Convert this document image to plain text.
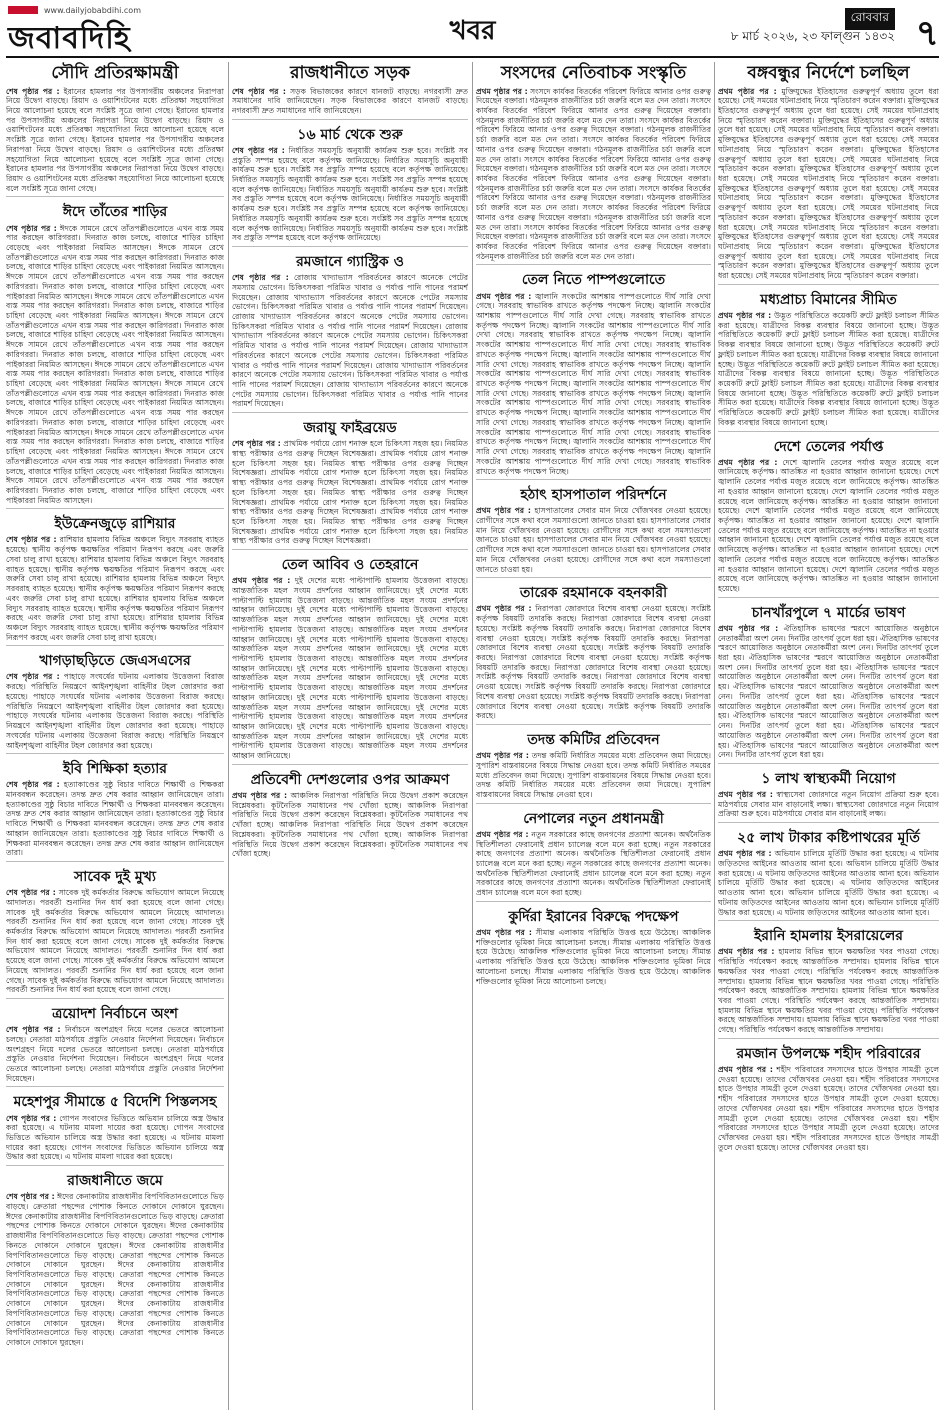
www.dailyjobabdihi.com
জবাবদিহি	খবর	রোববার
৮ মার্চ ২০২৬, ২৩ ফাল্গুন ১৪৩২ ৭
সৌদি প্রতিরক্ষামন্ত্রী
শেষ পৃষ্ঠার পর : ইরানের হামলার পর উপসাগরীয় অঞ্চলের নিরাপত্তা নিয়ে উদ্বেগ বাড়ছে। রিয়াদ ও ওয়াশিংটনের মধ্যে প্রতিরক্ষা সহযোগিতা নিয়ে আলোচনা হয়েছে বলে সংশ্লিষ্ট সূত্রে জানা গেছে। ইরানের হামলার পর উপসাগরীয় অঞ্চলের নিরাপত্তা নিয়ে উদ্বেগ বাড়ছে। রিয়াদ ও ওয়াশিংটনের মধ্যে প্রতিরক্ষা সহযোগিতা নিয়ে আলোচনা হয়েছে বলে সংশ্লিষ্ট সূত্রে জানা গেছে। ইরানের হামলার পর উপসাগরীয় অঞ্চলের নিরাপত্তা নিয়ে উদ্বেগ বাড়ছে। রিয়াদ ও ওয়াশিংটনের মধ্যে প্রতিরক্ষা সহযোগিতা নিয়ে আলোচনা হয়েছে বলে সংশ্লিষ্ট সূত্রে জানা গেছে। ইরানের হামলার পর উপসাগরীয় অঞ্চলের নিরাপত্তা নিয়ে উদ্বেগ বাড়ছে। রিয়াদ ও ওয়াশিংটনের মধ্যে প্রতিরক্ষা সহযোগিতা নিয়ে আলোচনা হয়েছে বলে সংশ্লিষ্ট সূত্রে জানা গেছে।
ঈদে তাঁতের শাড়ির
শেষ পৃষ্ঠার পর : ঈদকে সামনে রেখে তাঁতপল্লীগুলোতে এখন ব্যস্ত সময় পার করছেন কারিগররা। দিনরাত কাজ চলছে, বাজারে শাড়ির চাহিদা বেড়েছে এবং পাইকাররা নিয়মিত আসছেন। ঈদকে সামনে রেখে তাঁতপল্লীগুলোতে এখন ব্যস্ত সময় পার করছেন কারিগররা। দিনরাত কাজ চলছে, বাজারে শাড়ির চাহিদা বেড়েছে এবং পাইকাররা নিয়মিত আসছেন। ঈদকে সামনে রেখে তাঁতপল্লীগুলোতে এখন ব্যস্ত সময় পার করছেন কারিগররা। দিনরাত কাজ চলছে, বাজারে শাড়ির চাহিদা বেড়েছে এবং পাইকাররা নিয়মিত আসছেন। ঈদকে সামনে রেখে তাঁতপল্লীগুলোতে এখন ব্যস্ত সময় পার করছেন কারিগররা। দিনরাত কাজ চলছে, বাজারে শাড়ির চাহিদা বেড়েছে এবং পাইকাররা নিয়মিত আসছেন। ঈদকে সামনে রেখে তাঁতপল্লীগুলোতে এখন ব্যস্ত সময় পার করছেন কারিগররা। দিনরাত কাজ চলছে, বাজারে শাড়ির চাহিদা বেড়েছে এবং পাইকাররা নিয়মিত আসছেন। ঈদকে সামনে রেখে তাঁতপল্লীগুলোতে এখন ব্যস্ত সময় পার করছেন কারিগররা। দিনরাত কাজ চলছে, বাজারে শাড়ির চাহিদা বেড়েছে এবং পাইকাররা নিয়মিত আসছেন। ঈদকে সামনে রেখে তাঁতপল্লীগুলোতে এখন ব্যস্ত সময় পার করছেন কারিগররা। দিনরাত কাজ চলছে, বাজারে শাড়ির চাহিদা বেড়েছে এবং পাইকাররা নিয়মিত আসছেন। ঈদকে সামনে রেখে তাঁতপল্লীগুলোতে এখন ব্যস্ত সময় পার করছেন কারিগররা। দিনরাত কাজ চলছে, বাজারে শাড়ির চাহিদা বেড়েছে এবং পাইকাররা নিয়মিত আসছেন। ঈদকে সামনে রেখে তাঁতপল্লীগুলোতে এখন ব্যস্ত সময় পার করছেন কারিগররা। দিনরাত কাজ চলছে, বাজারে শাড়ির চাহিদা বেড়েছে এবং পাইকাররা নিয়মিত আসছেন। ঈদকে সামনে রেখে তাঁতপল্লীগুলোতে এখন ব্যস্ত সময় পার করছেন কারিগররা। দিনরাত কাজ চলছে, বাজারে শাড়ির চাহিদা বেড়েছে এবং পাইকাররা নিয়মিত আসছেন। ঈদকে সামনে রেখে তাঁতপল্লীগুলোতে এখন ব্যস্ত সময় পার করছেন কারিগররা। দিনরাত কাজ চলছে, বাজারে শাড়ির চাহিদা বেড়েছে এবং পাইকাররা নিয়মিত আসছেন। ঈদকে সামনে রেখে তাঁতপল্লীগুলোতে এখন ব্যস্ত সময় পার করছেন কারিগররা। দিনরাত কাজ চলছে, বাজারে শাড়ির চাহিদা বেড়েছে এবং পাইকাররা নিয়মিত আসছেন।
ইউক্রেনজুড়ে রাশিয়ার
শেষ পৃষ্ঠার পর : রাশিয়ার হামলায় বিভিন্ন অঞ্চলে বিদ্যুৎ সরবরাহ ব্যাহত হয়েছে। স্থানীয় কর্তৃপক্ষ ক্ষয়ক্ষতির পরিমাণ নিরূপণ করছে এবং জরুরি সেবা চালু রাখা হয়েছে। রাশিয়ার হামলায় বিভিন্ন অঞ্চলে বিদ্যুৎ সরবরাহ ব্যাহত হয়েছে। স্থানীয় কর্তৃপক্ষ ক্ষয়ক্ষতির পরিমাণ নিরূপণ করছে এবং জরুরি সেবা চালু রাখা হয়েছে। রাশিয়ার হামলায় বিভিন্ন অঞ্চলে বিদ্যুৎ সরবরাহ ব্যাহত হয়েছে। স্থানীয় কর্তৃপক্ষ ক্ষয়ক্ষতির পরিমাণ নিরূপণ করছে এবং জরুরি সেবা চালু রাখা হয়েছে। রাশিয়ার হামলায় বিভিন্ন অঞ্চলে বিদ্যুৎ সরবরাহ ব্যাহত হয়েছে। স্থানীয় কর্তৃপক্ষ ক্ষয়ক্ষতির পরিমাণ নিরূপণ করছে এবং জরুরি সেবা চালু রাখা হয়েছে। রাশিয়ার হামলায় বিভিন্ন অঞ্চলে বিদ্যুৎ সরবরাহ ব্যাহত হয়েছে। স্থানীয় কর্তৃপক্ষ ক্ষয়ক্ষতির পরিমাণ নিরূপণ করছে এবং জরুরি সেবা চালু রাখা হয়েছে।
খাগড়াছড়িতে জেএসএসের
শেষ পৃষ্ঠার পর : পাহাড়ে সংঘর্ষের ঘটনায় এলাকায় উত্তেজনা বিরাজ করছে। পরিস্থিতি নিয়ন্ত্রণে আইনশৃঙ্খলা বাহিনীর টহল জোরদার করা হয়েছে। পাহাড়ে সংঘর্ষের ঘটনায় এলাকায় উত্তেজনা বিরাজ করছে। পরিস্থিতি নিয়ন্ত্রণে আইনশৃঙ্খলা বাহিনীর টহল জোরদার করা হয়েছে। পাহাড়ে সংঘর্ষের ঘটনায় এলাকায় উত্তেজনা বিরাজ করছে। পরিস্থিতি নিয়ন্ত্রণে আইনশৃঙ্খলা বাহিনীর টহল জোরদার করা হয়েছে। পাহাড়ে সংঘর্ষের ঘটনায় এলাকায় উত্তেজনা বিরাজ করছে। পরিস্থিতি নিয়ন্ত্রণে আইনশৃঙ্খলা বাহিনীর টহল জোরদার করা হয়েছে।
ইবি শিক্ষিকা হত্যার
শেষ পৃষ্ঠার পর : হত্যাকাণ্ডের সুষ্ঠু বিচার দাবিতে শিক্ষার্থী ও শিক্ষকরা মানববন্ধন করেছেন। তদন্ত দ্রুত শেষ করার আহ্বান জানিয়েছেন তারা। হত্যাকাণ্ডের সুষ্ঠু বিচার দাবিতে শিক্ষার্থী ও শিক্ষকরা মানববন্ধন করেছেন। তদন্ত দ্রুত শেষ করার আহ্বান জানিয়েছেন তারা। হত্যাকাণ্ডের সুষ্ঠু বিচার দাবিতে শিক্ষার্থী ও শিক্ষকরা মানববন্ধন করেছেন। তদন্ত দ্রুত শেষ করার আহ্বান জানিয়েছেন তারা। হত্যাকাণ্ডের সুষ্ঠু বিচার দাবিতে শিক্ষার্থী ও শিক্ষকরা মানববন্ধন করেছেন। তদন্ত দ্রুত শেষ করার আহ্বান জানিয়েছেন তারা।
সাবেক দুই মুখ্য
শেষ পৃষ্ঠার পর : সাবেক দুই কর্মকর্তার বিরুদ্ধে অভিযোগ আমলে নিয়েছে আদালত। পরবর্তী শুনানির দিন ধার্য করা হয়েছে বলে জানা গেছে। সাবেক দুই কর্মকর্তার বিরুদ্ধে অভিযোগ আমলে নিয়েছে আদালত। পরবর্তী শুনানির দিন ধার্য করা হয়েছে বলে জানা গেছে। সাবেক দুই কর্মকর্তার বিরুদ্ধে অভিযোগ আমলে নিয়েছে আদালত। পরবর্তী শুনানির দিন ধার্য করা হয়েছে বলে জানা গেছে। সাবেক দুই কর্মকর্তার বিরুদ্ধে অভিযোগ আমলে নিয়েছে আদালত। পরবর্তী শুনানির দিন ধার্য করা হয়েছে বলে জানা গেছে। সাবেক দুই কর্মকর্তার বিরুদ্ধে অভিযোগ আমলে নিয়েছে আদালত। পরবর্তী শুনানির দিন ধার্য করা হয়েছে বলে জানা গেছে। সাবেক দুই কর্মকর্তার বিরুদ্ধে অভিযোগ আমলে নিয়েছে আদালত। পরবর্তী শুনানির দিন ধার্য করা হয়েছে বলে জানা গেছে।
ত্রয়োদশ নির্বাচনে অংশ
শেষ পৃষ্ঠার পর : নির্বাচনে অংশগ্রহণ নিয়ে দলের ভেতরে আলোচনা চলছে। নেতারা মাঠপর্যায়ে প্রস্তুতি নেওয়ার নির্দেশনা দিয়েছেন। নির্বাচনে অংশগ্রহণ নিয়ে দলের ভেতরে আলোচনা চলছে। নেতারা মাঠপর্যায়ে প্রস্তুতি নেওয়ার নির্দেশনা দিয়েছেন। নির্বাচনে অংশগ্রহণ নিয়ে দলের ভেতরে আলোচনা চলছে। নেতারা মাঠপর্যায়ে প্রস্তুতি নেওয়ার নির্দেশনা দিয়েছেন।
মহেশপুর সীমান্তে ৫ বিদেশি পিস্তলসহ
শেষ পৃষ্ঠার পর : গোপন সংবাদের ভিত্তিতে অভিযান চালিয়ে অস্ত্র উদ্ধার করা হয়েছে। এ ঘটনায় মামলা দায়ের করা হয়েছে। গোপন সংবাদের ভিত্তিতে অভিযান চালিয়ে অস্ত্র উদ্ধার করা হয়েছে। এ ঘটনায় মামলা দায়ের করা হয়েছে। গোপন সংবাদের ভিত্তিতে অভিযান চালিয়ে অস্ত্র উদ্ধার করা হয়েছে। এ ঘটনায় মামলা দায়ের করা হয়েছে।
রাজধানীতে জমে
শেষ পৃষ্ঠার পর : ঈদের কেনাকাটায় রাজধানীর বিপণিবিতানগুলোতে ভিড় বাড়ছে। ক্রেতারা পছন্দের পোশাক কিনতে দোকানে দোকানে ঘুরছেন। ঈদের কেনাকাটায় রাজধানীর বিপণিবিতানগুলোতে ভিড় বাড়ছে। ক্রেতারা পছন্দের পোশাক কিনতে দোকানে দোকানে ঘুরছেন। ঈদের কেনাকাটায় রাজধানীর বিপণিবিতানগুলোতে ভিড় বাড়ছে। ক্রেতারা পছন্দের পোশাক কিনতে দোকানে দোকানে ঘুরছেন। ঈদের কেনাকাটায় রাজধানীর বিপণিবিতানগুলোতে ভিড় বাড়ছে। ক্রেতারা পছন্দের পোশাক কিনতে দোকানে দোকানে ঘুরছেন। ঈদের কেনাকাটায় রাজধানীর বিপণিবিতানগুলোতে ভিড় বাড়ছে। ক্রেতারা পছন্দের পোশাক কিনতে দোকানে দোকানে ঘুরছেন। ঈদের কেনাকাটায় রাজধানীর বিপণিবিতানগুলোতে ভিড় বাড়ছে। ক্রেতারা পছন্দের পোশাক কিনতে দোকানে দোকানে ঘুরছেন। ঈদের কেনাকাটায় রাজধানীর বিপণিবিতানগুলোতে ভিড় বাড়ছে। ক্রেতারা পছন্দের পোশাক কিনতে দোকানে দোকানে ঘুরছেন। ঈদের কেনাকাটায় রাজধানীর বিপণিবিতানগুলোতে ভিড় বাড়ছে। ক্রেতারা পছন্দের পোশাক কিনতে দোকানে দোকানে ঘুরছেন।
রাজধানীতে সড়ক
শেষ পৃষ্ঠার পর : সড়ক বিভাজকের কারণে যানজট বাড়ছে। নগরবাসী দ্রুত সমাধানের দাবি জানিয়েছেন। সড়ক বিভাজকের কারণে যানজট বাড়ছে। নগরবাসী দ্রুত সমাধানের দাবি জানিয়েছেন।
১৬ মার্চ থেকে শুরু
শেষ পৃষ্ঠার পর : নির্ধারিত সময়সূচি অনুযায়ী কার্যক্রম শুরু হবে। সংশ্লিষ্ট সব প্রস্তুতি সম্পন্ন হয়েছে বলে কর্তৃপক্ষ জানিয়েছে। নির্ধারিত সময়সূচি অনুযায়ী কার্যক্রম শুরু হবে। সংশ্লিষ্ট সব প্রস্তুতি সম্পন্ন হয়েছে বলে কর্তৃপক্ষ জানিয়েছে। নির্ধারিত সময়সূচি অনুযায়ী কার্যক্রম শুরু হবে। সংশ্লিষ্ট সব প্রস্তুতি সম্পন্ন হয়েছে বলে কর্তৃপক্ষ জানিয়েছে। নির্ধারিত সময়সূচি অনুযায়ী কার্যক্রম শুরু হবে। সংশ্লিষ্ট সব প্রস্তুতি সম্পন্ন হয়েছে বলে কর্তৃপক্ষ জানিয়েছে। নির্ধারিত সময়সূচি অনুযায়ী কার্যক্রম শুরু হবে। সংশ্লিষ্ট সব প্রস্তুতি সম্পন্ন হয়েছে বলে কর্তৃপক্ষ জানিয়েছে। নির্ধারিত সময়সূচি অনুযায়ী কার্যক্রম শুরু হবে। সংশ্লিষ্ট সব প্রস্তুতি সম্পন্ন হয়েছে বলে কর্তৃপক্ষ জানিয়েছে। নির্ধারিত সময়সূচি অনুযায়ী কার্যক্রম শুরু হবে। সংশ্লিষ্ট সব প্রস্তুতি সম্পন্ন হয়েছে বলে কর্তৃপক্ষ জানিয়েছে।
রমজানে গ্যাস্ট্রিক ও
শেষ পৃষ্ঠার পর : রোজায় খাদ্যাভ্যাস পরিবর্তনের কারণে অনেকে পেটের সমস্যায় ভোগেন। চিকিৎসকরা পরিমিত খাবার ও পর্যাপ্ত পানি পানের পরামর্শ দিয়েছেন। রোজায় খাদ্যাভ্যাস পরিবর্তনের কারণে অনেকে পেটের সমস্যায় ভোগেন। চিকিৎসকরা পরিমিত খাবার ও পর্যাপ্ত পানি পানের পরামর্শ দিয়েছেন। রোজায় খাদ্যাভ্যাস পরিবর্তনের কারণে অনেকে পেটের সমস্যায় ভোগেন। চিকিৎসকরা পরিমিত খাবার ও পর্যাপ্ত পানি পানের পরামর্শ দিয়েছেন। রোজায় খাদ্যাভ্যাস পরিবর্তনের কারণে অনেকে পেটের সমস্যায় ভোগেন। চিকিৎসকরা পরিমিত খাবার ও পর্যাপ্ত পানি পানের পরামর্শ দিয়েছেন। রোজায় খাদ্যাভ্যাস পরিবর্তনের কারণে অনেকে পেটের সমস্যায় ভোগেন। চিকিৎসকরা পরিমিত খাবার ও পর্যাপ্ত পানি পানের পরামর্শ দিয়েছেন। রোজায় খাদ্যাভ্যাস পরিবর্তনের কারণে অনেকে পেটের সমস্যায় ভোগেন। চিকিৎসকরা পরিমিত খাবার ও পর্যাপ্ত পানি পানের পরামর্শ দিয়েছেন। রোজায় খাদ্যাভ্যাস পরিবর্তনের কারণে অনেকে পেটের সমস্যায় ভোগেন। চিকিৎসকরা পরিমিত খাবার ও পর্যাপ্ত পানি পানের পরামর্শ দিয়েছেন।
জরায়ু ফাইব্রয়েড
শেষ পৃষ্ঠার পর : প্রাথমিক পর্যায়ে রোগ শনাক্ত হলে চিকিৎসা সহজ হয়। নিয়মিত স্বাস্থ্য পরীক্ষার ওপর গুরুত্ব দিচ্ছেন বিশেষজ্ঞরা। প্রাথমিক পর্যায়ে রোগ শনাক্ত হলে চিকিৎসা সহজ হয়। নিয়মিত স্বাস্থ্য পরীক্ষার ওপর গুরুত্ব দিচ্ছেন বিশেষজ্ঞরা। প্রাথমিক পর্যায়ে রোগ শনাক্ত হলে চিকিৎসা সহজ হয়। নিয়মিত স্বাস্থ্য পরীক্ষার ওপর গুরুত্ব দিচ্ছেন বিশেষজ্ঞরা। প্রাথমিক পর্যায়ে রোগ শনাক্ত হলে চিকিৎসা সহজ হয়। নিয়মিত স্বাস্থ্য পরীক্ষার ওপর গুরুত্ব দিচ্ছেন বিশেষজ্ঞরা। প্রাথমিক পর্যায়ে রোগ শনাক্ত হলে চিকিৎসা সহজ হয়। নিয়মিত স্বাস্থ্য পরীক্ষার ওপর গুরুত্ব দিচ্ছেন বিশেষজ্ঞরা। প্রাথমিক পর্যায়ে রোগ শনাক্ত হলে চিকিৎসা সহজ হয়। নিয়মিত স্বাস্থ্য পরীক্ষার ওপর গুরুত্ব দিচ্ছেন বিশেষজ্ঞরা। প্রাথমিক পর্যায়ে রোগ শনাক্ত হলে চিকিৎসা সহজ হয়। নিয়মিত স্বাস্থ্য পরীক্ষার ওপর গুরুত্ব দিচ্ছেন বিশেষজ্ঞরা।
তেল আবিব ও তেহরানে
প্রথম পৃষ্ঠার পর : দুই দেশের মধ্যে পাল্টাপাল্টি হামলায় উত্তেজনা বাড়ছে। আন্তর্জাতিক মহল সংযম প্রদর্শনের আহ্বান জানিয়েছে। দুই দেশের মধ্যে পাল্টাপাল্টি হামলায় উত্তেজনা বাড়ছে। আন্তর্জাতিক মহল সংযম প্রদর্শনের আহ্বান জানিয়েছে। দুই দেশের মধ্যে পাল্টাপাল্টি হামলায় উত্তেজনা বাড়ছে। আন্তর্জাতিক মহল সংযম প্রদর্শনের আহ্বান জানিয়েছে। দুই দেশের মধ্যে পাল্টাপাল্টি হামলায় উত্তেজনা বাড়ছে। আন্তর্জাতিক মহল সংযম প্রদর্শনের আহ্বান জানিয়েছে। দুই দেশের মধ্যে পাল্টাপাল্টি হামলায় উত্তেজনা বাড়ছে। আন্তর্জাতিক মহল সংযম প্রদর্শনের আহ্বান জানিয়েছে। দুই দেশের মধ্যে পাল্টাপাল্টি হামলায় উত্তেজনা বাড়ছে। আন্তর্জাতিক মহল সংযম প্রদর্শনের আহ্বান জানিয়েছে। দুই দেশের মধ্যে পাল্টাপাল্টি হামলায় উত্তেজনা বাড়ছে। আন্তর্জাতিক মহল সংযম প্রদর্শনের আহ্বান জানিয়েছে। দুই দেশের মধ্যে পাল্টাপাল্টি হামলায় উত্তেজনা বাড়ছে। আন্তর্জাতিক মহল সংযম প্রদর্শনের আহ্বান জানিয়েছে। দুই দেশের মধ্যে পাল্টাপাল্টি হামলায় উত্তেজনা বাড়ছে। আন্তর্জাতিক মহল সংযম প্রদর্শনের আহ্বান জানিয়েছে। দুই দেশের মধ্যে পাল্টাপাল্টি হামলায় উত্তেজনা বাড়ছে। আন্তর্জাতিক মহল সংযম প্রদর্শনের আহ্বান জানিয়েছে। দুই দেশের মধ্যে পাল্টাপাল্টি হামলায় উত্তেজনা বাড়ছে। আন্তর্জাতিক মহল সংযম প্রদর্শনের আহ্বান জানিয়েছে। দুই দেশের মধ্যে পাল্টাপাল্টি হামলায় উত্তেজনা বাড়ছে। আন্তর্জাতিক মহল সংযম প্রদর্শনের আহ্বান জানিয়েছে।
প্রতিবেশী দেশগুলোর ওপর আক্রমণ
প্রথম পৃষ্ঠার পর : আঞ্চলিক নিরাপত্তা পরিস্থিতি নিয়ে উদ্বেগ প্রকাশ করেছেন বিশ্লেষকরা। কূটনৈতিক সমাধানের পথ খোঁজা হচ্ছে। আঞ্চলিক নিরাপত্তা পরিস্থিতি নিয়ে উদ্বেগ প্রকাশ করেছেন বিশ্লেষকরা। কূটনৈতিক সমাধানের পথ খোঁজা হচ্ছে। আঞ্চলিক নিরাপত্তা পরিস্থিতি নিয়ে উদ্বেগ প্রকাশ করেছেন বিশ্লেষকরা। কূটনৈতিক সমাধানের পথ খোঁজা হচ্ছে। আঞ্চলিক নিরাপত্তা পরিস্থিতি নিয়ে উদ্বেগ প্রকাশ করেছেন বিশ্লেষকরা। কূটনৈতিক সমাধানের পথ খোঁজা হচ্ছে।
সংসদের নেতিবাচক সংস্কৃতি
প্রথম পৃষ্ঠার পর : সংসদে কার্যকর বিতর্কের পরিবেশ ফিরিয়ে আনার ওপর গুরুত্ব দিয়েছেন বক্তারা। গঠনমূলক রাজনীতির চর্চা জরুরি বলে মত দেন তারা। সংসদে কার্যকর বিতর্কের পরিবেশ ফিরিয়ে আনার ওপর গুরুত্ব দিয়েছেন বক্তারা। গঠনমূলক রাজনীতির চর্চা জরুরি বলে মত দেন তারা। সংসদে কার্যকর বিতর্কের পরিবেশ ফিরিয়ে আনার ওপর গুরুত্ব দিয়েছেন বক্তারা। গঠনমূলক রাজনীতির চর্চা জরুরি বলে মত দেন তারা। সংসদে কার্যকর বিতর্কের পরিবেশ ফিরিয়ে আনার ওপর গুরুত্ব দিয়েছেন বক্তারা। গঠনমূলক রাজনীতির চর্চা জরুরি বলে মত দেন তারা। সংসদে কার্যকর বিতর্কের পরিবেশ ফিরিয়ে আনার ওপর গুরুত্ব দিয়েছেন বক্তারা। গঠনমূলক রাজনীতির চর্চা জরুরি বলে মত দেন তারা। সংসদে কার্যকর বিতর্কের পরিবেশ ফিরিয়ে আনার ওপর গুরুত্ব দিয়েছেন বক্তারা। গঠনমূলক রাজনীতির চর্চা জরুরি বলে মত দেন তারা। সংসদে কার্যকর বিতর্কের পরিবেশ ফিরিয়ে আনার ওপর গুরুত্ব দিয়েছেন বক্তারা। গঠনমূলক রাজনীতির চর্চা জরুরি বলে মত দেন তারা। সংসদে কার্যকর বিতর্কের পরিবেশ ফিরিয়ে আনার ওপর গুরুত্ব দিয়েছেন বক্তারা। গঠনমূলক রাজনীতির চর্চা জরুরি বলে মত দেন তারা। সংসদে কার্যকর বিতর্কের পরিবেশ ফিরিয়ে আনার ওপর গুরুত্ব দিয়েছেন বক্তারা। গঠনমূলক রাজনীতির চর্চা জরুরি বলে মত দেন তারা। সংসদে কার্যকর বিতর্কের পরিবেশ ফিরিয়ে আনার ওপর গুরুত্ব দিয়েছেন বক্তারা। গঠনমূলক রাজনীতির চর্চা জরুরি বলে মত দেন তারা।
তেল নিতে পাম্পগুলোতে
প্রথম পৃষ্ঠার পর : জ্বালানি সংকটের আশঙ্কায় পাম্পগুলোতে দীর্ঘ সারি দেখা গেছে। সরবরাহ স্বাভাবিক রাখতে কর্তৃপক্ষ পদক্ষেপ নিচ্ছে। জ্বালানি সংকটের আশঙ্কায় পাম্পগুলোতে দীর্ঘ সারি দেখা গেছে। সরবরাহ স্বাভাবিক রাখতে কর্তৃপক্ষ পদক্ষেপ নিচ্ছে। জ্বালানি সংকটের আশঙ্কায় পাম্পগুলোতে দীর্ঘ সারি দেখা গেছে। সরবরাহ স্বাভাবিক রাখতে কর্তৃপক্ষ পদক্ষেপ নিচ্ছে। জ্বালানি সংকটের আশঙ্কায় পাম্পগুলোতে দীর্ঘ সারি দেখা গেছে। সরবরাহ স্বাভাবিক রাখতে কর্তৃপক্ষ পদক্ষেপ নিচ্ছে। জ্বালানি সংকটের আশঙ্কায় পাম্পগুলোতে দীর্ঘ সারি দেখা গেছে। সরবরাহ স্বাভাবিক রাখতে কর্তৃপক্ষ পদক্ষেপ নিচ্ছে। জ্বালানি সংকটের আশঙ্কায় পাম্পগুলোতে দীর্ঘ সারি দেখা গেছে। সরবরাহ স্বাভাবিক রাখতে কর্তৃপক্ষ পদক্ষেপ নিচ্ছে। জ্বালানি সংকটের আশঙ্কায় পাম্পগুলোতে দীর্ঘ সারি দেখা গেছে। সরবরাহ স্বাভাবিক রাখতে কর্তৃপক্ষ পদক্ষেপ নিচ্ছে। জ্বালানি সংকটের আশঙ্কায় পাম্পগুলোতে দীর্ঘ সারি দেখা গেছে। সরবরাহ স্বাভাবিক রাখতে কর্তৃপক্ষ পদক্ষেপ নিচ্ছে। জ্বালানি সংকটের আশঙ্কায় পাম্পগুলোতে দীর্ঘ সারি দেখা গেছে। সরবরাহ স্বাভাবিক রাখতে কর্তৃপক্ষ পদক্ষেপ নিচ্ছে। জ্বালানি সংকটের আশঙ্কায় পাম্পগুলোতে দীর্ঘ সারি দেখা গেছে। সরবরাহ স্বাভাবিক রাখতে কর্তৃপক্ষ পদক্ষেপ নিচ্ছে। জ্বালানি সংকটের আশঙ্কায় পাম্পগুলোতে দীর্ঘ সারি দেখা গেছে। সরবরাহ স্বাভাবিক রাখতে কর্তৃপক্ষ পদক্ষেপ নিচ্ছে। জ্বালানি সংকটের আশঙ্কায় পাম্পগুলোতে দীর্ঘ সারি দেখা গেছে। সরবরাহ স্বাভাবিক রাখতে কর্তৃপক্ষ পদক্ষেপ নিচ্ছে।
হঠাৎ হাসপাতাল পরিদর্শনে
প্রথম পৃষ্ঠার পর : হাসপাতালের সেবার মান নিয়ে খোঁজখবর নেওয়া হয়েছে। রোগীদের সঙ্গে কথা বলে সমস্যাগুলো জানতে চাওয়া হয়। হাসপাতালের সেবার মান নিয়ে খোঁজখবর নেওয়া হয়েছে। রোগীদের সঙ্গে কথা বলে সমস্যাগুলো জানতে চাওয়া হয়। হাসপাতালের সেবার মান নিয়ে খোঁজখবর নেওয়া হয়েছে। রোগীদের সঙ্গে কথা বলে সমস্যাগুলো জানতে চাওয়া হয়। হাসপাতালের সেবার মান নিয়ে খোঁজখবর নেওয়া হয়েছে। রোগীদের সঙ্গে কথা বলে সমস্যাগুলো জানতে চাওয়া হয়।
তারেক রহমানকে বহনকারী
প্রথম পৃষ্ঠার পর : নিরাপত্তা জোরদারে বিশেষ ব্যবস্থা নেওয়া হয়েছে। সংশ্লিষ্ট কর্তৃপক্ষ বিষয়টি তদারকি করছে। নিরাপত্তা জোরদারে বিশেষ ব্যবস্থা নেওয়া হয়েছে। সংশ্লিষ্ট কর্তৃপক্ষ বিষয়টি তদারকি করছে। নিরাপত্তা জোরদারে বিশেষ ব্যবস্থা নেওয়া হয়েছে। সংশ্লিষ্ট কর্তৃপক্ষ বিষয়টি তদারকি করছে। নিরাপত্তা জোরদারে বিশেষ ব্যবস্থা নেওয়া হয়েছে। সংশ্লিষ্ট কর্তৃপক্ষ বিষয়টি তদারকি করছে। নিরাপত্তা জোরদারে বিশেষ ব্যবস্থা নেওয়া হয়েছে। সংশ্লিষ্ট কর্তৃপক্ষ বিষয়টি তদারকি করছে। নিরাপত্তা জোরদারে বিশেষ ব্যবস্থা নেওয়া হয়েছে। সংশ্লিষ্ট কর্তৃপক্ষ বিষয়টি তদারকি করছে। নিরাপত্তা জোরদারে বিশেষ ব্যবস্থা নেওয়া হয়েছে। সংশ্লিষ্ট কর্তৃপক্ষ বিষয়টি তদারকি করছে। নিরাপত্তা জোরদারে বিশেষ ব্যবস্থা নেওয়া হয়েছে। সংশ্লিষ্ট কর্তৃপক্ষ বিষয়টি তদারকি করছে। নিরাপত্তা জোরদারে বিশেষ ব্যবস্থা নেওয়া হয়েছে। সংশ্লিষ্ট কর্তৃপক্ষ বিষয়টি তদারকি করছে।
তদন্ত কমিটির প্রতিবেদন
প্রথম পৃষ্ঠার পর : তদন্ত কমিটি নির্ধারিত সময়ের মধ্যে প্রতিবেদন জমা দিয়েছে। সুপারিশ বাস্তবায়নের বিষয়ে সিদ্ধান্ত নেওয়া হবে। তদন্ত কমিটি নির্ধারিত সময়ের মধ্যে প্রতিবেদন জমা দিয়েছে। সুপারিশ বাস্তবায়নের বিষয়ে সিদ্ধান্ত নেওয়া হবে। তদন্ত কমিটি নির্ধারিত সময়ের মধ্যে প্রতিবেদন জমা দিয়েছে। সুপারিশ বাস্তবায়নের বিষয়ে সিদ্ধান্ত নেওয়া হবে।
নেপালের নতুন প্রধানমন্ত্রী
প্রথম পৃষ্ঠার পর : নতুন সরকারের কাছে জনগণের প্রত্যাশা অনেক। অর্থনৈতিক স্থিতিশীলতা ফেরানোই প্রধান চ্যালেঞ্জ বলে মনে করা হচ্ছে। নতুন সরকারের কাছে জনগণের প্রত্যাশা অনেক। অর্থনৈতিক স্থিতিশীলতা ফেরানোই প্রধান চ্যালেঞ্জ বলে মনে করা হচ্ছে। নতুন সরকারের কাছে জনগণের প্রত্যাশা অনেক। অর্থনৈতিক স্থিতিশীলতা ফেরানোই প্রধান চ্যালেঞ্জ বলে মনে করা হচ্ছে। নতুন সরকারের কাছে জনগণের প্রত্যাশা অনেক। অর্থনৈতিক স্থিতিশীলতা ফেরানোই প্রধান চ্যালেঞ্জ বলে মনে করা হচ্ছে।
কুর্দিরা ইরানের বিরুদ্ধে পদক্ষেপ
প্রথম পৃষ্ঠার পর : সীমান্ত এলাকায় পরিস্থিতি উত্তপ্ত হয়ে উঠেছে। আঞ্চলিক শক্তিগুলোর ভূমিকা নিয়ে আলোচনা চলছে। সীমান্ত এলাকায় পরিস্থিতি উত্তপ্ত হয়ে উঠেছে। আঞ্চলিক শক্তিগুলোর ভূমিকা নিয়ে আলোচনা চলছে। সীমান্ত এলাকায় পরিস্থিতি উত্তপ্ত হয়ে উঠেছে। আঞ্চলিক শক্তিগুলোর ভূমিকা নিয়ে আলোচনা চলছে। সীমান্ত এলাকায় পরিস্থিতি উত্তপ্ত হয়ে উঠেছে। আঞ্চলিক শক্তিগুলোর ভূমিকা নিয়ে আলোচনা চলছে।
বঙ্গবন্ধুর নির্দেশে চলছিল
প্রথম পৃষ্ঠার পর : মুক্তিযুদ্ধের ইতিহাসের গুরুত্বপূর্ণ অধ্যায় তুলে ধরা হয়েছে। সেই সময়ের ঘটনাপ্রবাহ নিয়ে স্মৃতিচারণ করেন বক্তারা। মুক্তিযুদ্ধের ইতিহাসের গুরুত্বপূর্ণ অধ্যায় তুলে ধরা হয়েছে। সেই সময়ের ঘটনাপ্রবাহ নিয়ে স্মৃতিচারণ করেন বক্তারা। মুক্তিযুদ্ধের ইতিহাসের গুরুত্বপূর্ণ অধ্যায় তুলে ধরা হয়েছে। সেই সময়ের ঘটনাপ্রবাহ নিয়ে স্মৃতিচারণ করেন বক্তারা। মুক্তিযুদ্ধের ইতিহাসের গুরুত্বপূর্ণ অধ্যায় তুলে ধরা হয়েছে। সেই সময়ের ঘটনাপ্রবাহ নিয়ে স্মৃতিচারণ করেন বক্তারা। মুক্তিযুদ্ধের ইতিহাসের গুরুত্বপূর্ণ অধ্যায় তুলে ধরা হয়েছে। সেই সময়ের ঘটনাপ্রবাহ নিয়ে স্মৃতিচারণ করেন বক্তারা। মুক্তিযুদ্ধের ইতিহাসের গুরুত্বপূর্ণ অধ্যায় তুলে ধরা হয়েছে। সেই সময়ের ঘটনাপ্রবাহ নিয়ে স্মৃতিচারণ করেন বক্তারা। মুক্তিযুদ্ধের ইতিহাসের গুরুত্বপূর্ণ অধ্যায় তুলে ধরা হয়েছে। সেই সময়ের ঘটনাপ্রবাহ নিয়ে স্মৃতিচারণ করেন বক্তারা। মুক্তিযুদ্ধের ইতিহাসের গুরুত্বপূর্ণ অধ্যায় তুলে ধরা হয়েছে। সেই সময়ের ঘটনাপ্রবাহ নিয়ে স্মৃতিচারণ করেন বক্তারা। মুক্তিযুদ্ধের ইতিহাসের গুরুত্বপূর্ণ অধ্যায় তুলে ধরা হয়েছে। সেই সময়ের ঘটনাপ্রবাহ নিয়ে স্মৃতিচারণ করেন বক্তারা। মুক্তিযুদ্ধের ইতিহাসের গুরুত্বপূর্ণ অধ্যায় তুলে ধরা হয়েছে। সেই সময়ের ঘটনাপ্রবাহ নিয়ে স্মৃতিচারণ করেন বক্তারা। মুক্তিযুদ্ধের ইতিহাসের গুরুত্বপূর্ণ অধ্যায় তুলে ধরা হয়েছে। সেই সময়ের ঘটনাপ্রবাহ নিয়ে স্মৃতিচারণ করেন বক্তারা। মুক্তিযুদ্ধের ইতিহাসের গুরুত্বপূর্ণ অধ্যায় তুলে ধরা হয়েছে। সেই সময়ের ঘটনাপ্রবাহ নিয়ে স্মৃতিচারণ করেন বক্তারা।
মধ্যপ্রাচ্য বিমানের সীমিত
প্রথম পৃষ্ঠার পর : উদ্ভূত পরিস্থিতিতে কয়েকটি রুটে ফ্লাইট চলাচল সীমিত করা হয়েছে। যাত্রীদের বিকল্প ব্যবস্থার বিষয়ে জানানো হচ্ছে। উদ্ভূত পরিস্থিতিতে কয়েকটি রুটে ফ্লাইট চলাচল সীমিত করা হয়েছে। যাত্রীদের বিকল্প ব্যবস্থার বিষয়ে জানানো হচ্ছে। উদ্ভূত পরিস্থিতিতে কয়েকটি রুটে ফ্লাইট চলাচল সীমিত করা হয়েছে। যাত্রীদের বিকল্প ব্যবস্থার বিষয়ে জানানো হচ্ছে। উদ্ভূত পরিস্থিতিতে কয়েকটি রুটে ফ্লাইট চলাচল সীমিত করা হয়েছে। যাত্রীদের বিকল্প ব্যবস্থার বিষয়ে জানানো হচ্ছে। উদ্ভূত পরিস্থিতিতে কয়েকটি রুটে ফ্লাইট চলাচল সীমিত করা হয়েছে। যাত্রীদের বিকল্প ব্যবস্থার বিষয়ে জানানো হচ্ছে। উদ্ভূত পরিস্থিতিতে কয়েকটি রুটে ফ্লাইট চলাচল সীমিত করা হয়েছে। যাত্রীদের বিকল্প ব্যবস্থার বিষয়ে জানানো হচ্ছে। উদ্ভূত পরিস্থিতিতে কয়েকটি রুটে ফ্লাইট চলাচল সীমিত করা হয়েছে। যাত্রীদের বিকল্প ব্যবস্থার বিষয়ে জানানো হচ্ছে।
দেশে তেলের পর্যাপ্ত
প্রথম পৃষ্ঠার পর : দেশে জ্বালানি তেলের পর্যাপ্ত মজুত রয়েছে বলে জানিয়েছে কর্তৃপক্ষ। আতঙ্কিত না হওয়ার আহ্বান জানানো হয়েছে। দেশে জ্বালানি তেলের পর্যাপ্ত মজুত রয়েছে বলে জানিয়েছে কর্তৃপক্ষ। আতঙ্কিত না হওয়ার আহ্বান জানানো হয়েছে। দেশে জ্বালানি তেলের পর্যাপ্ত মজুত রয়েছে বলে জানিয়েছে কর্তৃপক্ষ। আতঙ্কিত না হওয়ার আহ্বান জানানো হয়েছে। দেশে জ্বালানি তেলের পর্যাপ্ত মজুত রয়েছে বলে জানিয়েছে কর্তৃপক্ষ। আতঙ্কিত না হওয়ার আহ্বান জানানো হয়েছে। দেশে জ্বালানি তেলের পর্যাপ্ত মজুত রয়েছে বলে জানিয়েছে কর্তৃপক্ষ। আতঙ্কিত না হওয়ার আহ্বান জানানো হয়েছে। দেশে জ্বালানি তেলের পর্যাপ্ত মজুত রয়েছে বলে জানিয়েছে কর্তৃপক্ষ। আতঙ্কিত না হওয়ার আহ্বান জানানো হয়েছে। দেশে জ্বালানি তেলের পর্যাপ্ত মজুত রয়েছে বলে জানিয়েছে কর্তৃপক্ষ। আতঙ্কিত না হওয়ার আহ্বান জানানো হয়েছে। দেশে জ্বালানি তেলের পর্যাপ্ত মজুত রয়েছে বলে জানিয়েছে কর্তৃপক্ষ। আতঙ্কিত না হওয়ার আহ্বান জানানো হয়েছে।
চানখাঁরপুলে ৭ মার্চের ভাষণ
প্রথম পৃষ্ঠার পর : ঐতিহাসিক ভাষণের স্মরণে আয়োজিত অনুষ্ঠানে নেতাকর্মীরা অংশ নেন। দিনটির তাৎপর্য তুলে ধরা হয়। ঐতিহাসিক ভাষণের স্মরণে আয়োজিত অনুষ্ঠানে নেতাকর্মীরা অংশ নেন। দিনটির তাৎপর্য তুলে ধরা হয়। ঐতিহাসিক ভাষণের স্মরণে আয়োজিত অনুষ্ঠানে নেতাকর্মীরা অংশ নেন। দিনটির তাৎপর্য তুলে ধরা হয়। ঐতিহাসিক ভাষণের স্মরণে আয়োজিত অনুষ্ঠানে নেতাকর্মীরা অংশ নেন। দিনটির তাৎপর্য তুলে ধরা হয়। ঐতিহাসিক ভাষণের স্মরণে আয়োজিত অনুষ্ঠানে নেতাকর্মীরা অংশ নেন। দিনটির তাৎপর্য তুলে ধরা হয়। ঐতিহাসিক ভাষণের স্মরণে আয়োজিত অনুষ্ঠানে নেতাকর্মীরা অংশ নেন। দিনটির তাৎপর্য তুলে ধরা হয়। ঐতিহাসিক ভাষণের স্মরণে আয়োজিত অনুষ্ঠানে নেতাকর্মীরা অংশ নেন। দিনটির তাৎপর্য তুলে ধরা হয়। ঐতিহাসিক ভাষণের স্মরণে আয়োজিত অনুষ্ঠানে নেতাকর্মীরা অংশ নেন। দিনটির তাৎপর্য তুলে ধরা হয়। ঐতিহাসিক ভাষণের স্মরণে আয়োজিত অনুষ্ঠানে নেতাকর্মীরা অংশ নেন। দিনটির তাৎপর্য তুলে ধরা হয়।
১ লাখ স্বাস্থ্যকর্মী নিয়োগ
প্রথম পৃষ্ঠার পর : স্বাস্থ্যসেবা জোরদারে নতুন নিয়োগ প্রক্রিয়া শুরু হবে। মাঠপর্যায়ে সেবার মান বাড়ানোই লক্ষ্য। স্বাস্থ্যসেবা জোরদারে নতুন নিয়োগ প্রক্রিয়া শুরু হবে। মাঠপর্যায়ে সেবার মান বাড়ানোই লক্ষ্য।
২৫ লাখ টাকার কষ্টিপাথরের মূর্তি
প্রথম পৃষ্ঠার পর : অভিযান চালিয়ে মূর্তিটি উদ্ধার করা হয়েছে। এ ঘটনায় জড়িতদের আইনের আওতায় আনা হবে। অভিযান চালিয়ে মূর্তিটি উদ্ধার করা হয়েছে। এ ঘটনায় জড়িতদের আইনের আওতায় আনা হবে। অভিযান চালিয়ে মূর্তিটি উদ্ধার করা হয়েছে। এ ঘটনায় জড়িতদের আইনের আওতায় আনা হবে। অভিযান চালিয়ে মূর্তিটি উদ্ধার করা হয়েছে। এ ঘটনায় জড়িতদের আইনের আওতায় আনা হবে। অভিযান চালিয়ে মূর্তিটি উদ্ধার করা হয়েছে। এ ঘটনায় জড়িতদের আইনের আওতায় আনা হবে।
ইরানি হামলায় ইসরায়েলের
প্রথম পৃষ্ঠার পর : হামলায় বিভিন্ন স্থানে ক্ষয়ক্ষতির খবর পাওয়া গেছে। পরিস্থিতি পর্যবেক্ষণ করছে আন্তর্জাতিক সম্প্রদায়। হামলায় বিভিন্ন স্থানে ক্ষয়ক্ষতির খবর পাওয়া গেছে। পরিস্থিতি পর্যবেক্ষণ করছে আন্তর্জাতিক সম্প্রদায়। হামলায় বিভিন্ন স্থানে ক্ষয়ক্ষতির খবর পাওয়া গেছে। পরিস্থিতি পর্যবেক্ষণ করছে আন্তর্জাতিক সম্প্রদায়। হামলায় বিভিন্ন স্থানে ক্ষয়ক্ষতির খবর পাওয়া গেছে। পরিস্থিতি পর্যবেক্ষণ করছে আন্তর্জাতিক সম্প্রদায়। হামলায় বিভিন্ন স্থানে ক্ষয়ক্ষতির খবর পাওয়া গেছে। পরিস্থিতি পর্যবেক্ষণ করছে আন্তর্জাতিক সম্প্রদায়। হামলায় বিভিন্ন স্থানে ক্ষয়ক্ষতির খবর পাওয়া গেছে। পরিস্থিতি পর্যবেক্ষণ করছে আন্তর্জাতিক সম্প্রদায়।
রমজান উপলক্ষে শহীদ পরিবারের
প্রথম পৃষ্ঠার পর : শহীদ পরিবারের সদস্যদের হাতে উপহার সামগ্রী তুলে দেওয়া হয়েছে। তাদের খোঁজখবর নেওয়া হয়। শহীদ পরিবারের সদস্যদের হাতে উপহার সামগ্রী তুলে দেওয়া হয়েছে। তাদের খোঁজখবর নেওয়া হয়। শহীদ পরিবারের সদস্যদের হাতে উপহার সামগ্রী তুলে দেওয়া হয়েছে। তাদের খোঁজখবর নেওয়া হয়। শহীদ পরিবারের সদস্যদের হাতে উপহার সামগ্রী তুলে দেওয়া হয়েছে। তাদের খোঁজখবর নেওয়া হয়। শহীদ পরিবারের সদস্যদের হাতে উপহার সামগ্রী তুলে দেওয়া হয়েছে। তাদের খোঁজখবর নেওয়া হয়। শহীদ পরিবারের সদস্যদের হাতে উপহার সামগ্রী তুলে দেওয়া হয়েছে। তাদের খোঁজখবর নেওয়া হয়।
